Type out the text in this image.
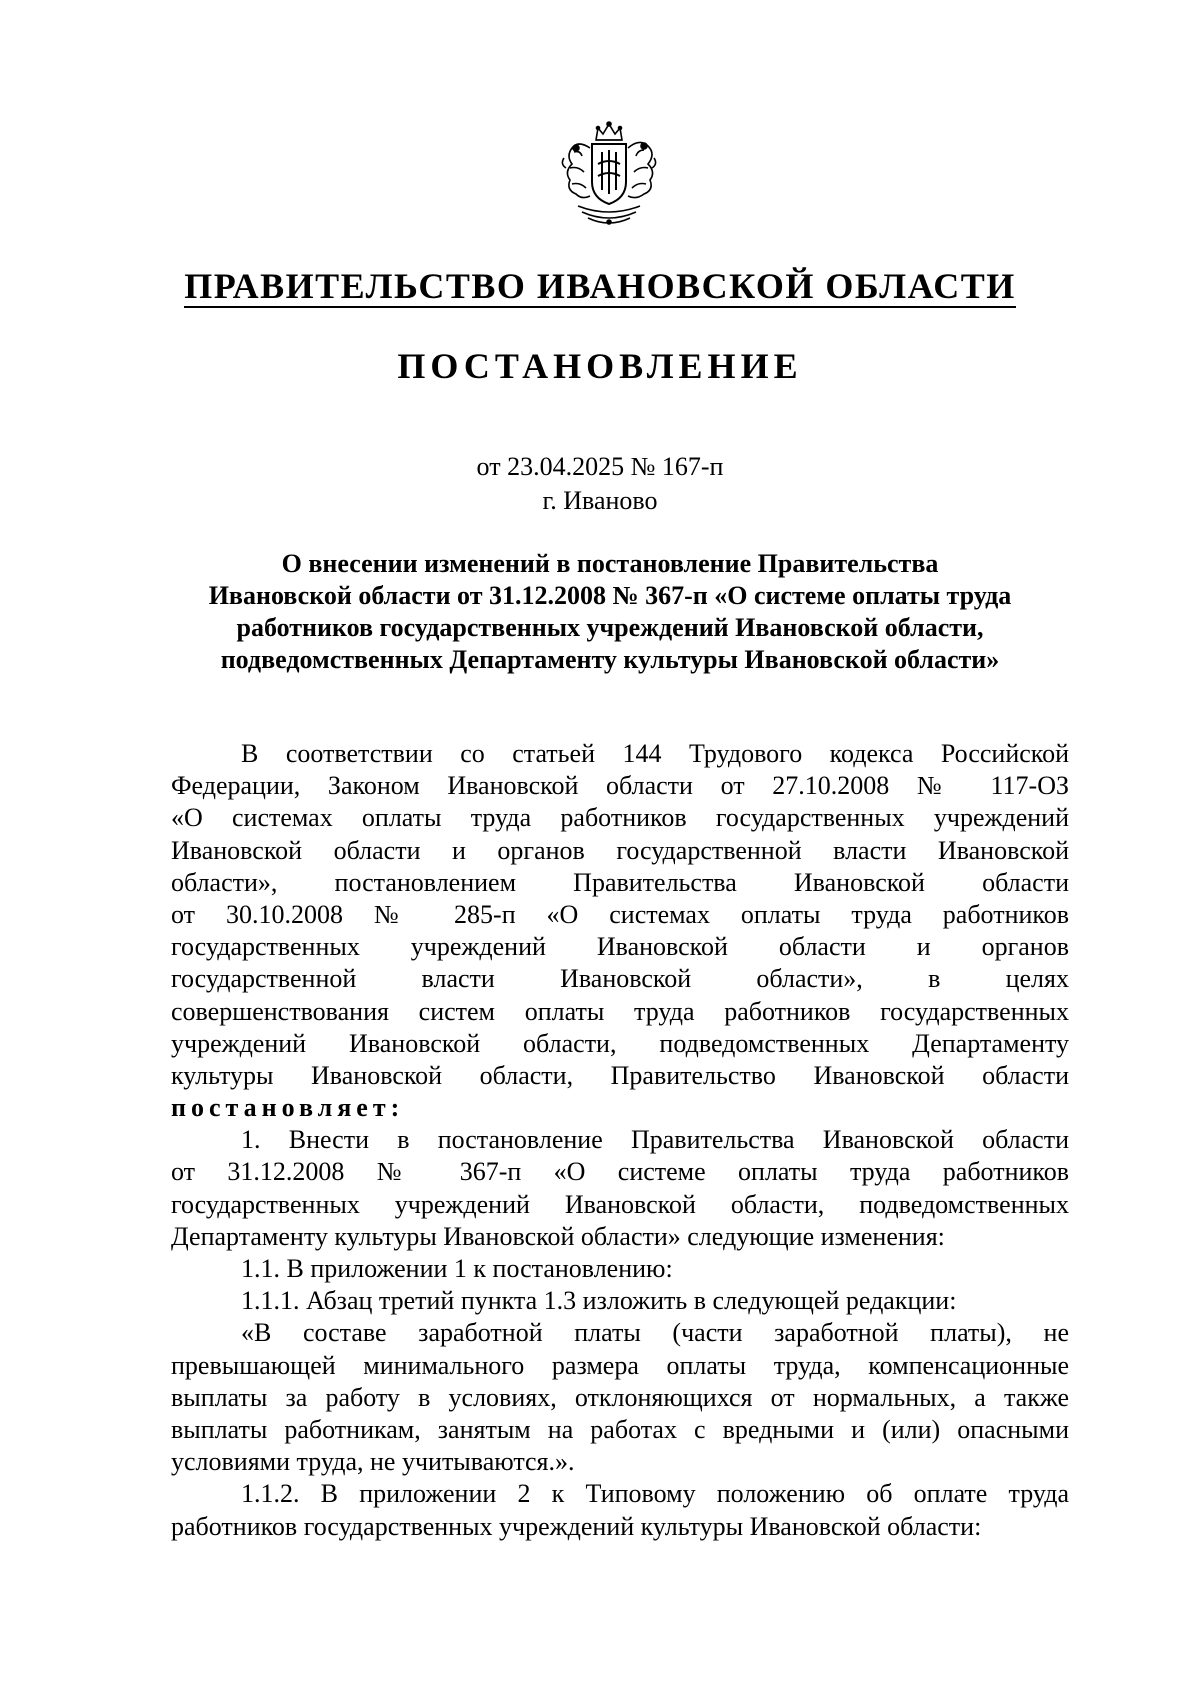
ПРАВИТЕЛЬСТВО ИВАНОВСКОЙ ОБЛАСТИ
ПОСТАНОВЛЕНИЕ
от 23.04.2025 № 167-п
г. Иваново
О внесении изменений в постановление Правительства
Ивановской области от 31.12.2008 № 367-п «О системе оплаты труда
работников государственных учреждений Ивановской области,
подведомственных Департаменту культуры Ивановской области»
В соответствии со статьей 144 Трудового кодекса Российской
Федерации, Законом Ивановской области от 27.10.2008 № 117-ОЗ
«О системах оплаты труда работников государственных учреждений
Ивановской области и органов государственной власти Ивановской
области», постановлением Правительства Ивановской области
от 30.10.2008 № 285-п «О системах оплаты труда работников
государственных учреждений Ивановской области и органов
государственной власти Ивановской области», в целях
совершенствования систем оплаты труда работников государственных
учреждений Ивановской области, подведомственных Департаменту
культуры Ивановской области, Правительство Ивановской области
постановляет:
1. Внести в постановление Правительства Ивановской области
от 31.12.2008 № 367-п «О системе оплаты труда работников
государственных учреждений Ивановской области, подведомственных
Департаменту культуры Ивановской области» следующие изменения:
1.1. В приложении 1 к постановлению:
1.1.1. Абзац третий пункта 1.3 изложить в следующей редакции:
«В составе заработной платы (части заработной платы), не
превышающей минимального размера оплаты труда, компенсационные
выплаты за работу в условиях, отклоняющихся от нормальных, а также
выплаты работникам, занятым на работах с вредными и (или) опасными
условиями труда, не учитываются.».
1.1.2. В приложении 2 к Типовому положению об оплате труда
работников государственных учреждений культуры Ивановской области:
